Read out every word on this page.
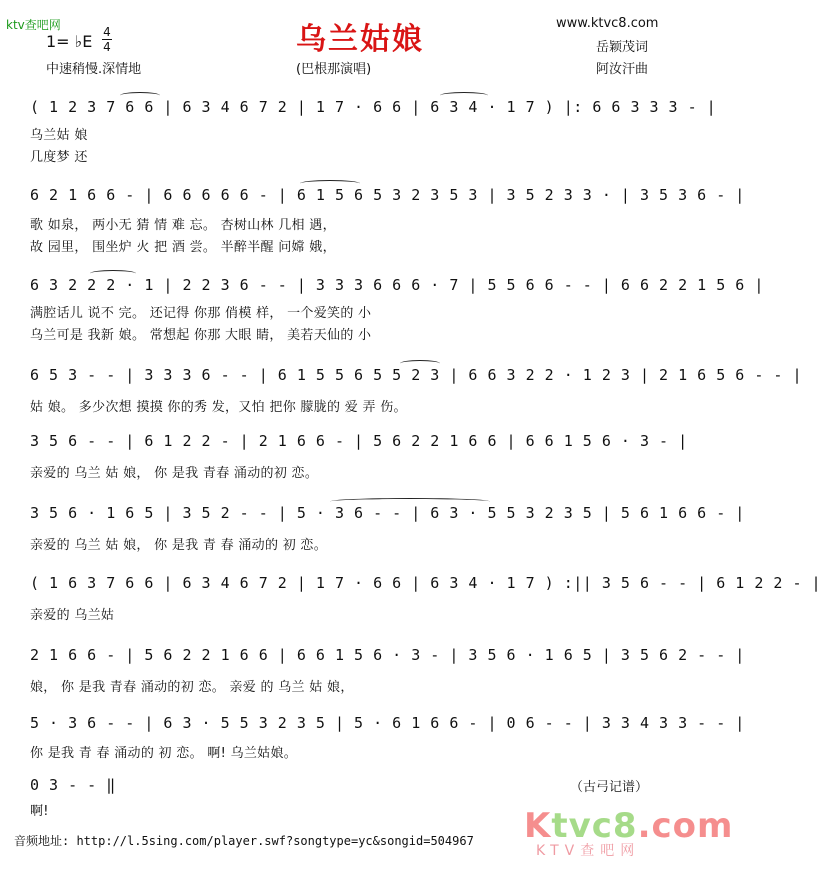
ktv查吧网
1= ♭E 4
4	乌兰姑娘	www.ktvc8.com
岳颖茂词
中速稍慢.深情地	(巴根那演唱)	阿汝汗曲
( 1 2 3 7 6 6 | 6 3 4 6 7 2 | 1 7 · 6 6 | 6 3 4 · 1 7 ) |: 6 6 3 3 3 - |
乌兰姑 娘
几度梦 还
6 2 1 6 6 - | 6 6 6 6 6 - | 6 1 5 6 5 3 2 3 5 3 | 3 5 2 3 3 · | 3 5 3 6 - |
歌 如泉， 两小无 猜 情 难 忘。 杏树山林 几相 遇，
故 园里， 围坐炉 火 把 酒 尝。 半醉半醒 问嫦 娥，
6 3 2 2 2 · 1 | 2 2 3 6 - - | 3 3 3 6 6 6 · 7 | 5 5 6 6 - - | 6 6 2 2 1 5 6 |
满腔话儿 说不 完。 还记得 你那 俏模 样， 一个爱笑的 小
乌兰可是 我新 娘。 常想起 你那 大眼 睛， 美若天仙的 小
6 5 3 - - | 3 3 3 6 - - | 6 1 5 5 6 5 5 2 3 | 6 6 3 2 2 · 1 2 3 | 2 1 6 5 6 - - |
姑 娘。 多少次想 摸摸 你的秀 发，又怕 把你 朦胧的 爱 弄 伤。
3 5 6 - - | 6 1 2 2 - | 2 1 6 6 - | 5 6 2 2 1 6 6 | 6 6 1 5 6 · 3 - |
亲爱的 乌兰 姑 娘， 你 是我 青春 涌动的初 恋。
3 5 6 · 1 6 5 | 3 5 2 - - | 5 · 3 6 - - | 6 3 · 5 5 3 2 3 5 | 5 6 1 6 6 - |
亲爱的 乌兰 姑 娘， 你 是我 青 春 涌动的 初 恋。
( 1 6 3 7 6 6 | 6 3 4 6 7 2 | 1 7 · 6 6 | 6 3 4 · 1 7 ) :|| 3 5 6 - - | 6 1 2 2 - |
亲爱的 乌兰姑
2 1 6 6 - | 5 6 2 2 1 6 6 | 6 6 1 5 6 · 3 - | 3 5 6 · 1 6 5 | 3 5 6 2 - - |
娘， 你 是我 青春 涌动的初 恋。 亲爱 的 乌兰 姑 娘，
5 · 3 6 - - | 6 3 · 5 5 3 2 3 5 | 5 · 6 1 6 6 - | 0 6 - - | 3 3 4 3 3 - - |
你 是我 青 春 涌动的 初 恋。 啊! 乌兰姑娘。
0 3 - - ‖
啊!
（古弓记谱）
Ktvc8.com
KTV查吧网
音频地址: http://l.5sing.com/player.swf?songtype=yc&songid=504967
